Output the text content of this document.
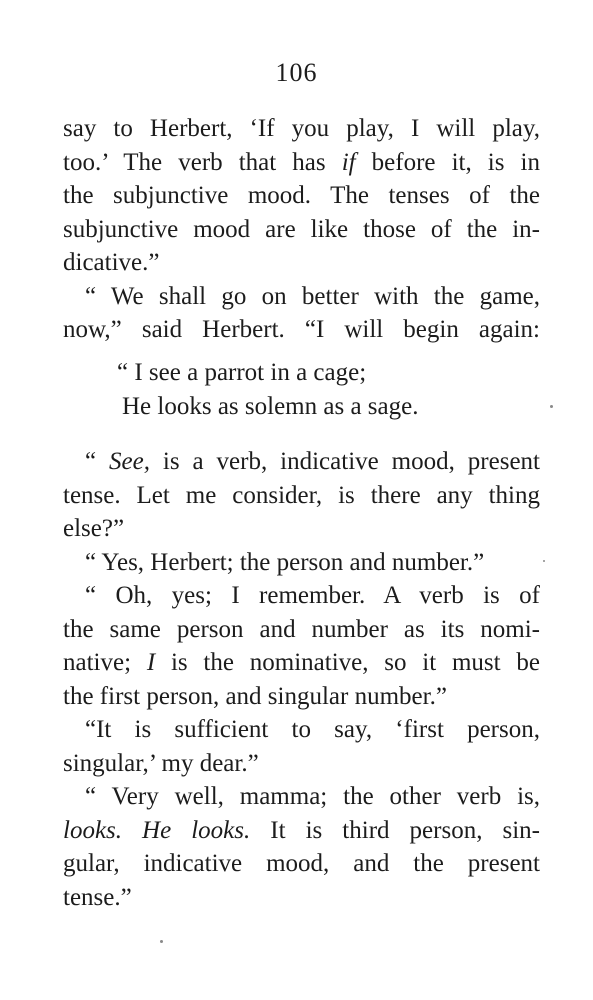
106
say to Herbert, ‘If you play, I will play,
too.’ The verb that has if before it, is in
the subjunctive mood. The tenses of the
subjunctive mood are like those of the in-
dicative.”
“ We shall go on better with the game,
now,” said Herbert. “I will begin again:
“ I see a parrot in a cage;
He looks as solemn as a sage.
“ See, is a verb, indicative mood, present
tense. Let me consider, is there any thing
else?”
“ Yes, Herbert; the person and number.”
“ Oh, yes; I remember. A verb is of
the same person and number as its nomi-
native; I is the nominative, so it must be
the first person, and singular number.”
“It is sufficient to say, ‘first person,
singular,’ my dear.”
“ Very well, mamma; the other verb is,
looks. He looks. It is third person, sin-
gular, indicative mood, and the present
tense.”
